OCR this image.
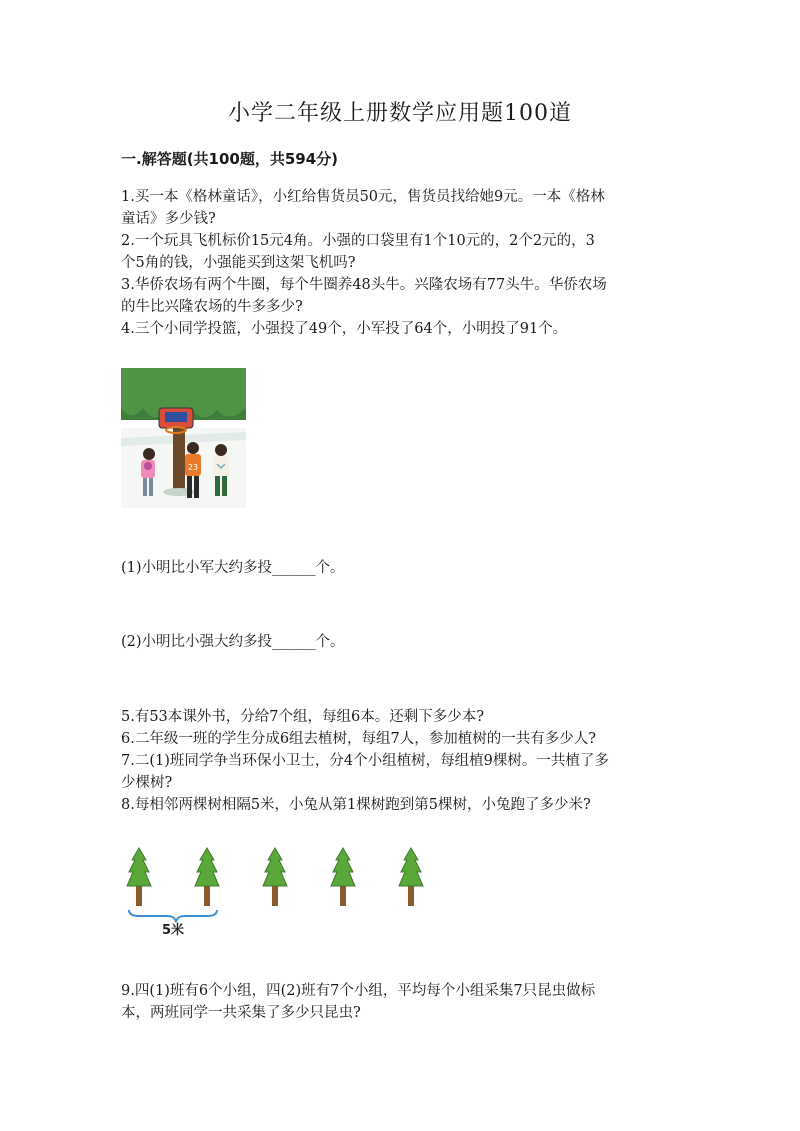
小学二年级上册数学应用题100道
一.解答题(共100题，共594分)
1.买一本《格林童话》，小红给售货员50元，售货员找给她9元。一本《格林
童话》多少钱?
2.一个玩具飞机标价15元4角。小强的口袋里有1个10元的，2个2元的，3
个5角的钱，小强能买到这架飞机吗?
3.华侨农场有两个牛圈，每个牛圈养48头牛。兴隆农场有77头牛。华侨农场
的牛比兴隆农场的牛多多少?
4.三个小同学投篮，小强投了49个，小军投了64个，小明投了91个。
23
(1)小明比小军大约多投______个。
(2)小明比小强大约多投______个。
5.有53本课外书，分给7个组，每组6本。还剩下多少本?
6.二年级一班的学生分成6组去植树，每组7人，参加植树的一共有多少人?
7.二(1)班同学争当环保小卫士，分4个小组植树，每组植9棵树。一共植了多
少棵树?
8.每相邻两棵树相隔5米，小兔从第1棵树跑到第5棵树，小兔跑了多少米?
5米
9.四(1)班有6个小组，四(2)班有7个小组，平均每个小组采集7只昆虫做标
本，两班同学一共采集了多少只昆虫?
